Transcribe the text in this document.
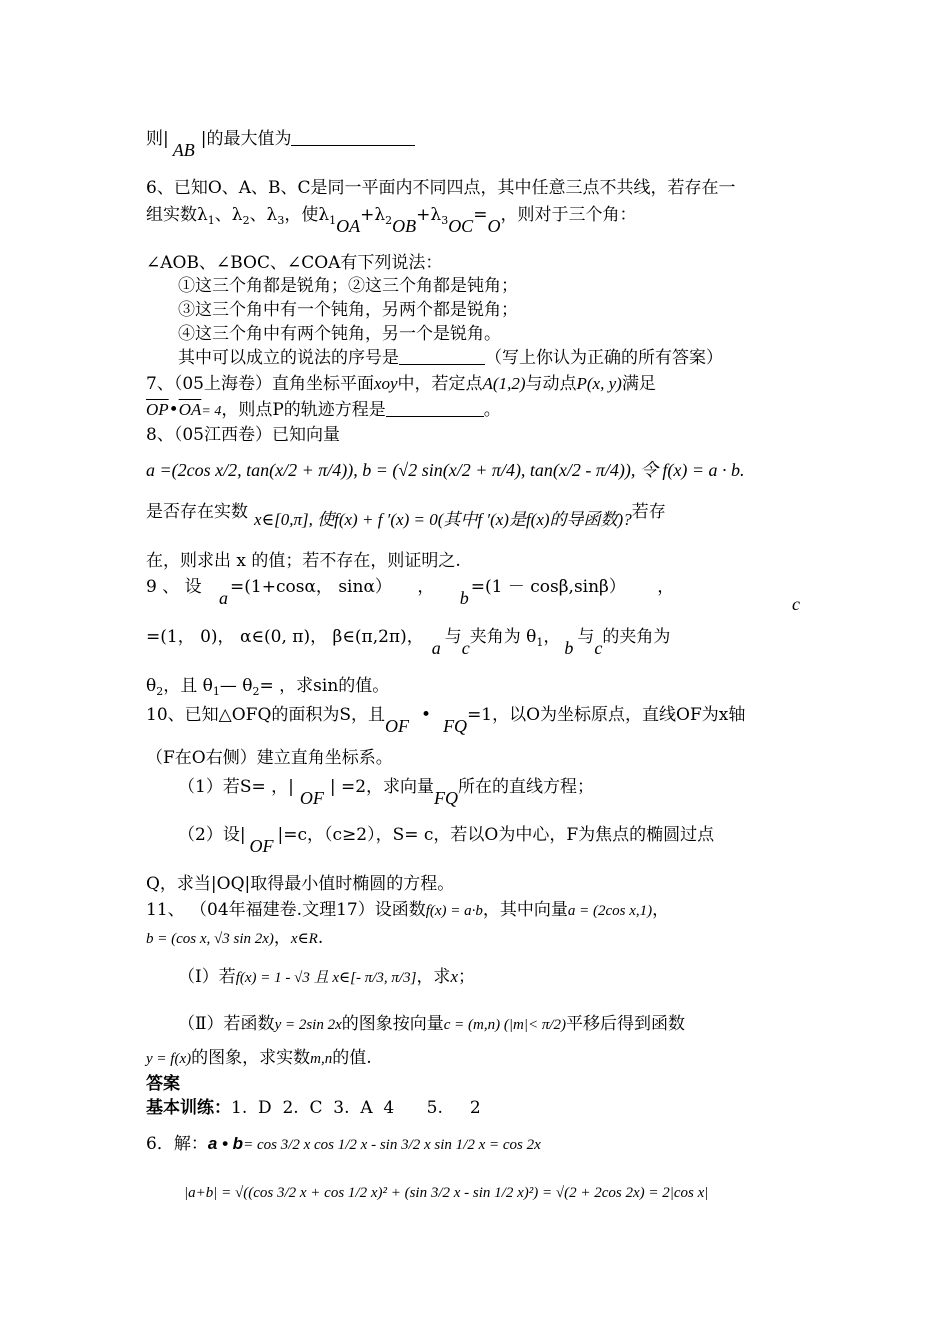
则|AB|的最大值为
6、已知O、A、B、C是同一平面内不同四点，其中任意三点不共线，若存在一
组实数$\lambda_1$、$\lambda_2$、$\lambda_3$，使$\lambda_1OA+\lambda_2OB+\lambda_3OC=O$，则对于三个角：
∠AOB、∠BOC、∠COA有下列说法：
①这三个角都是锐角；②这三个角都是钝角；
③这三个角中有一个钝角，另两个都是锐角；
④这三个角中有两个钝角，另一个是锐角。
其中可以成立的说法的序号是	（写上你认为正确的所有答案）
7、（05上海卷）直角坐标平面xoy中，若定点A(1,2)与动点P(x, y)满足
$\overline{OP}•\overline{OA}= 4$，则点P的轨迹方程是	。
8、（05江西卷）已知向量
a =(2cos x/2, tan(x/2 + π/4)), b = (√2 sin(x/2 + π/4), tan(x/2 - π/4)), 令 f(x) = a · b.
是否存在实数 x∈[0,π], 使f(x) + f ′(x) = 0(其中f ′(x)是f(x)的导函数)?若存
在，则求出 x 的值；若不存在，则证明之.
9 、 设 a=(1+cosα， sinα） ， b=(1 － cosβ,sinβ） ，
c
=(1， 0)， α∈(0, π)， β∈(π,2π)，a与c夹角为 $\theta_1$，b与c的夹角为
$\theta_2$，且 $\theta_1—$ $\theta_2=$ ，求sin的值。
10、已知△OFQ的面积为S，且OF•FQ=1，以O为坐标原点，直线OF为x轴
（F在O右侧）建立直角坐标系。
（1）若S= ，|OF| =2，求向量FQ所在的直线方程；
（2）设|OF|=c，（c≥2），S= c，若以O为中心，F为焦点的椭圆过点
Q，求当|OQ|取得最小值时椭圆的方程。
11、 （04年福建卷.文理17）设函数f(x) = a·b，其中向量a = (2cos x,1)，
b = (cos x, √3 sin 2x)，x∈R.
（Ⅰ）若f(x) = 1 - √3 且 x∈[- π/3, π/3]，求x；
（Ⅱ）若函数y = 2sin 2x的图象按向量c = (m,n) (|m|< π/2)平移后得到函数
y = f(x)的图象，求实数m,n的值.
答案
基本训练：1.  D  2.  C  3.  A  4      5.     2
6．解：a • b= cos 3/2 x cos 1/2 x - sin 3/2 x sin 1/2 x = cos 2x
|a+b| = √((cos 3/2 x + cos 1/2 x)² + (sin 3/2 x - sin 1/2 x)²) = √(2 + 2cos 2x) = 2|cos x|
